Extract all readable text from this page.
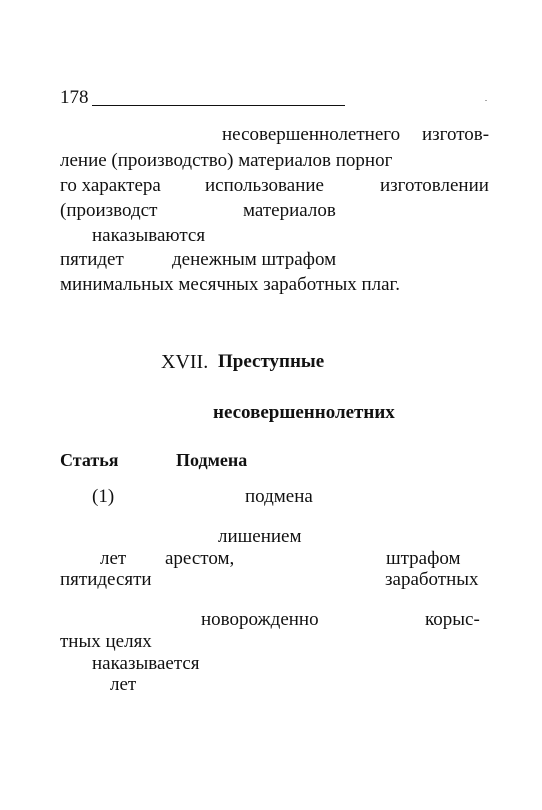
178	.
несовершеннолетнего изготов-
ление (производство) материалов порног
го характера использование	изготовлении
(производст	материалов
наказываются
пятидет	денежным штрафом
минимальных месячных заработных плаг.
XVII. Преступные
несовершеннолетних
Статья	Подмена
(1)	подмена
лишением
лет арестом,	штрафом
пятидесяти	заработных
новорожденно	корыс-
тных целях
наказывается
лет
